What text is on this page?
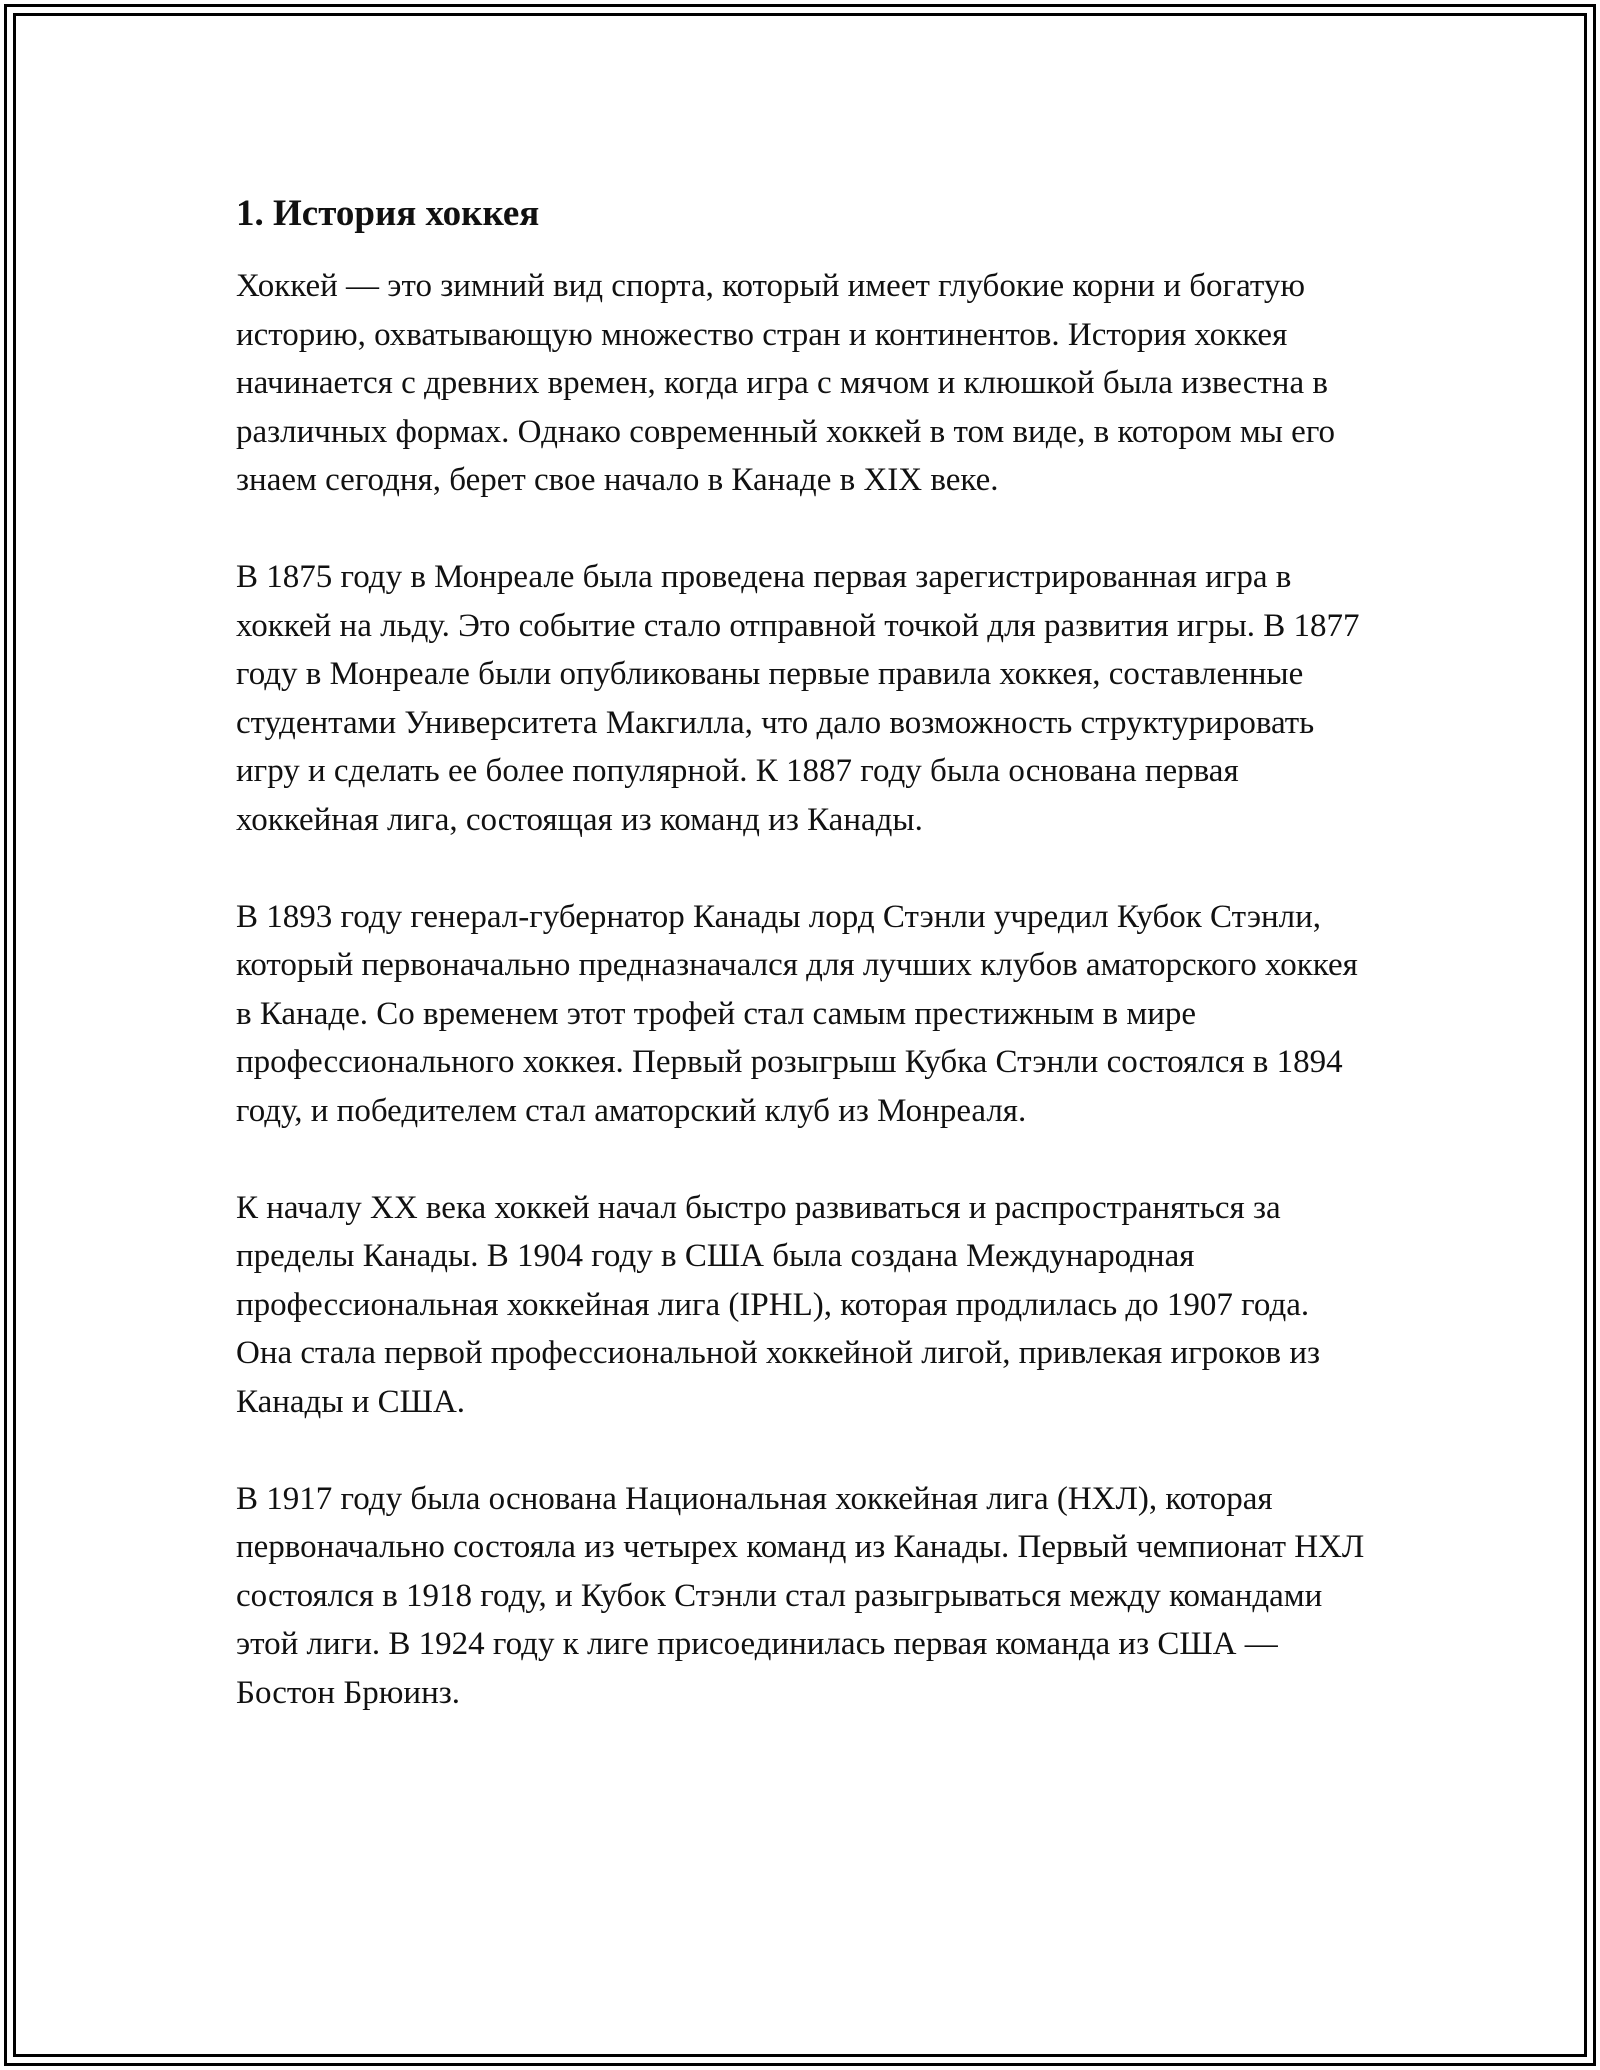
1. История хоккея

Хоккей — это зимний вид спорта, который имеет глубокие корни и богатую историю, охватывающую множество стран и континентов. История хоккея начинается с древних времен, когда игра с мячом и клюшкой была известна в различных формах. Однако современный хоккей в том виде, в котором мы его знаем сегодня, берет свое начало в Канаде в XIX веке.

В 1875 году в Монреале была проведена первая зарегистрированная игра в хоккей на льду. Это событие стало отправной точкой для развития игры. В 1877 году в Монреале были опубликованы первые правила хоккея, составленные студентами Университета Макгилла, что дало возможность структурировать игру и сделать ее более популярной. К 1887 году была основана первая хоккейная лига, состоящая из команд из Канады.

В 1893 году генерал-губернатор Канады лорд Стэнли учредил Кубок Стэнли, который первоначально предназначался для лучших клубов аматорского хоккея в Канаде. Со временем этот трофей стал самым престижным в мире профессионального хоккея. Первый розыгрыш Кубка Стэнли состоялся в 1894 году, и победителем стал аматорский клуб из Монреаля.

К началу XX века хоккей начал быстро развиваться и распространяться за пределы Канады. В 1904 году в США была создана Международная профессиональная хоккейная лига (IPHL), которая продлилась до 1907 года. Она стала первой профессиональной хоккейной лигой, привлекая игроков из Канады и США.

В 1917 году была основана Национальная хоккейная лига (НХЛ), которая первоначально состояла из четырех команд из Канады. Первый чемпионат НХЛ состоялся в 1918 году, и Кубок Стэнли стал разыгрываться между командами этой лиги. В 1924 году к лиге присоединилась первая команда из США — Бостон Брюинз.
